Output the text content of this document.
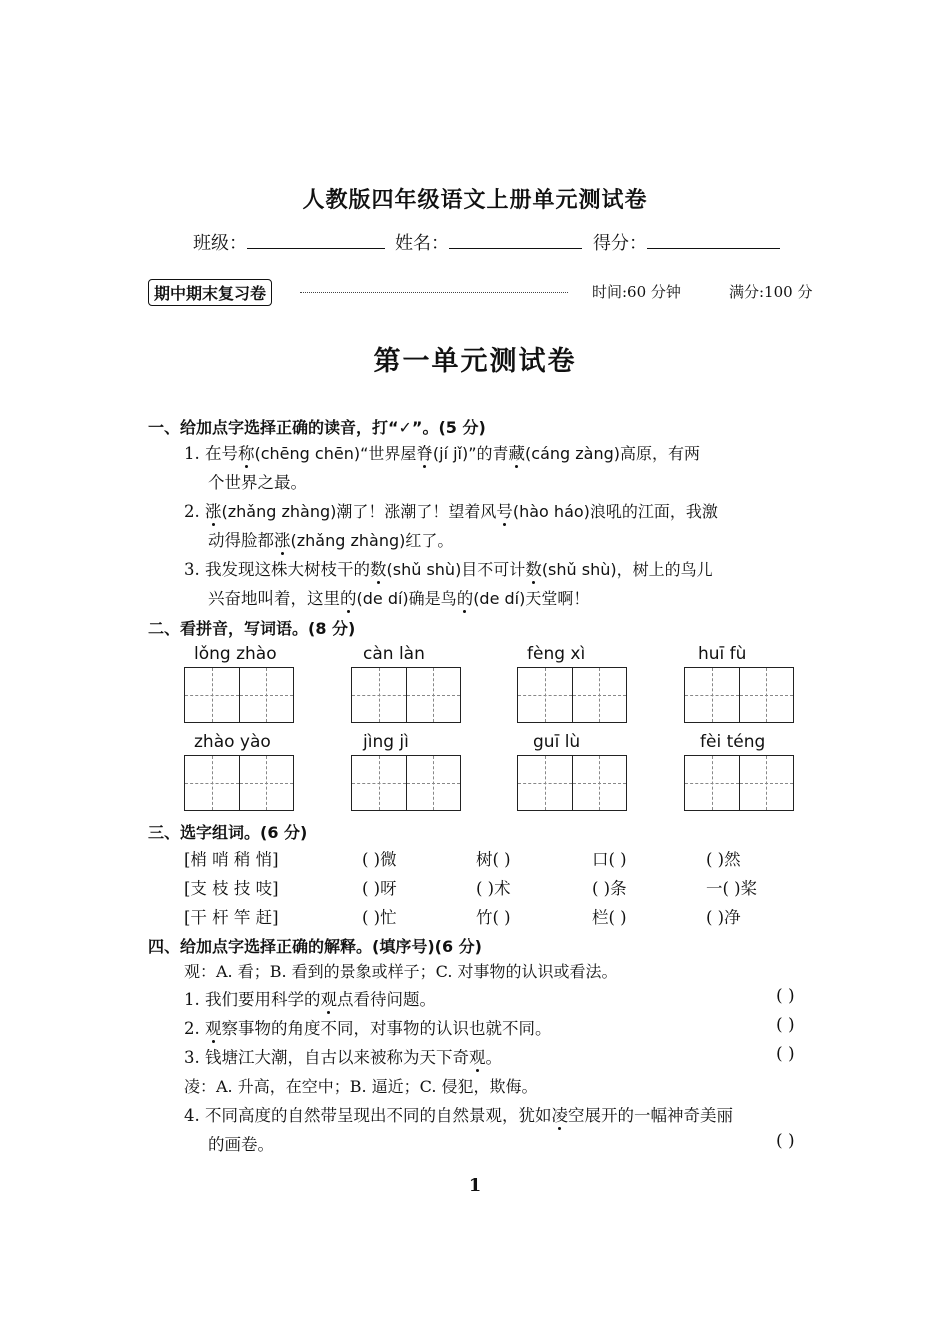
人教版四年级语文上册单元测试卷
班级：	姓名：	得分：
期中期末复习卷	时间:60 分钟	满分:100 分
第一单元测试卷
一、给加点字选择正确的读音，打“✓”。(5 分)
1. 在号称(chēng chēn)“世界屋脊(jí jǐ)”的青藏(cáng zàng)高原，有两
个世界之最。
2. 涨(zhǎng zhàng)潮了！涨潮了！望着风号(hào háo)浪吼的江面，我激
动得脸都涨(zhǎng zhàng)红了。
3. 我发现这株大树枝干的数(shǔ shù)目不可计数(shǔ shù)，树上的鸟儿
兴奋地叫着，这里的(de dí)确是鸟的(de dí)天堂啊！
二、看拼音，写词语。(8 分)
lǒng zhào	càn làn	fèng xì	huī fù
zhào yào	jìng jì	guī lù	fèi téng
三、选字组词。(6 分)
[梢 哨 稍 悄]	( )微	树( )	口( )	( )然
[支 枝 技 吱]	( )呀	( )术	( )条	一( )桨
[干 杆 竿 赶]	( )忙	竹( )	栏( )	( )净
四、给加点字选择正确的解释。(填序号)(6 分)
观：A. 看；B. 看到的景象或样子；C. 对事物的认识或看法。
1. 我们要用科学的观点看待问题。	( )
2. 观察事物的角度不同，对事物的认识也就不同。	( )
3. 钱塘江大潮，自古以来被称为天下奇观。	( )
凌：A. 升高，在空中；B. 逼近；C. 侵犯，欺侮。
4. 不同高度的自然带呈现出不同的自然景观，犹如凌空展开的一幅神奇美丽
的画卷。	( )
1
